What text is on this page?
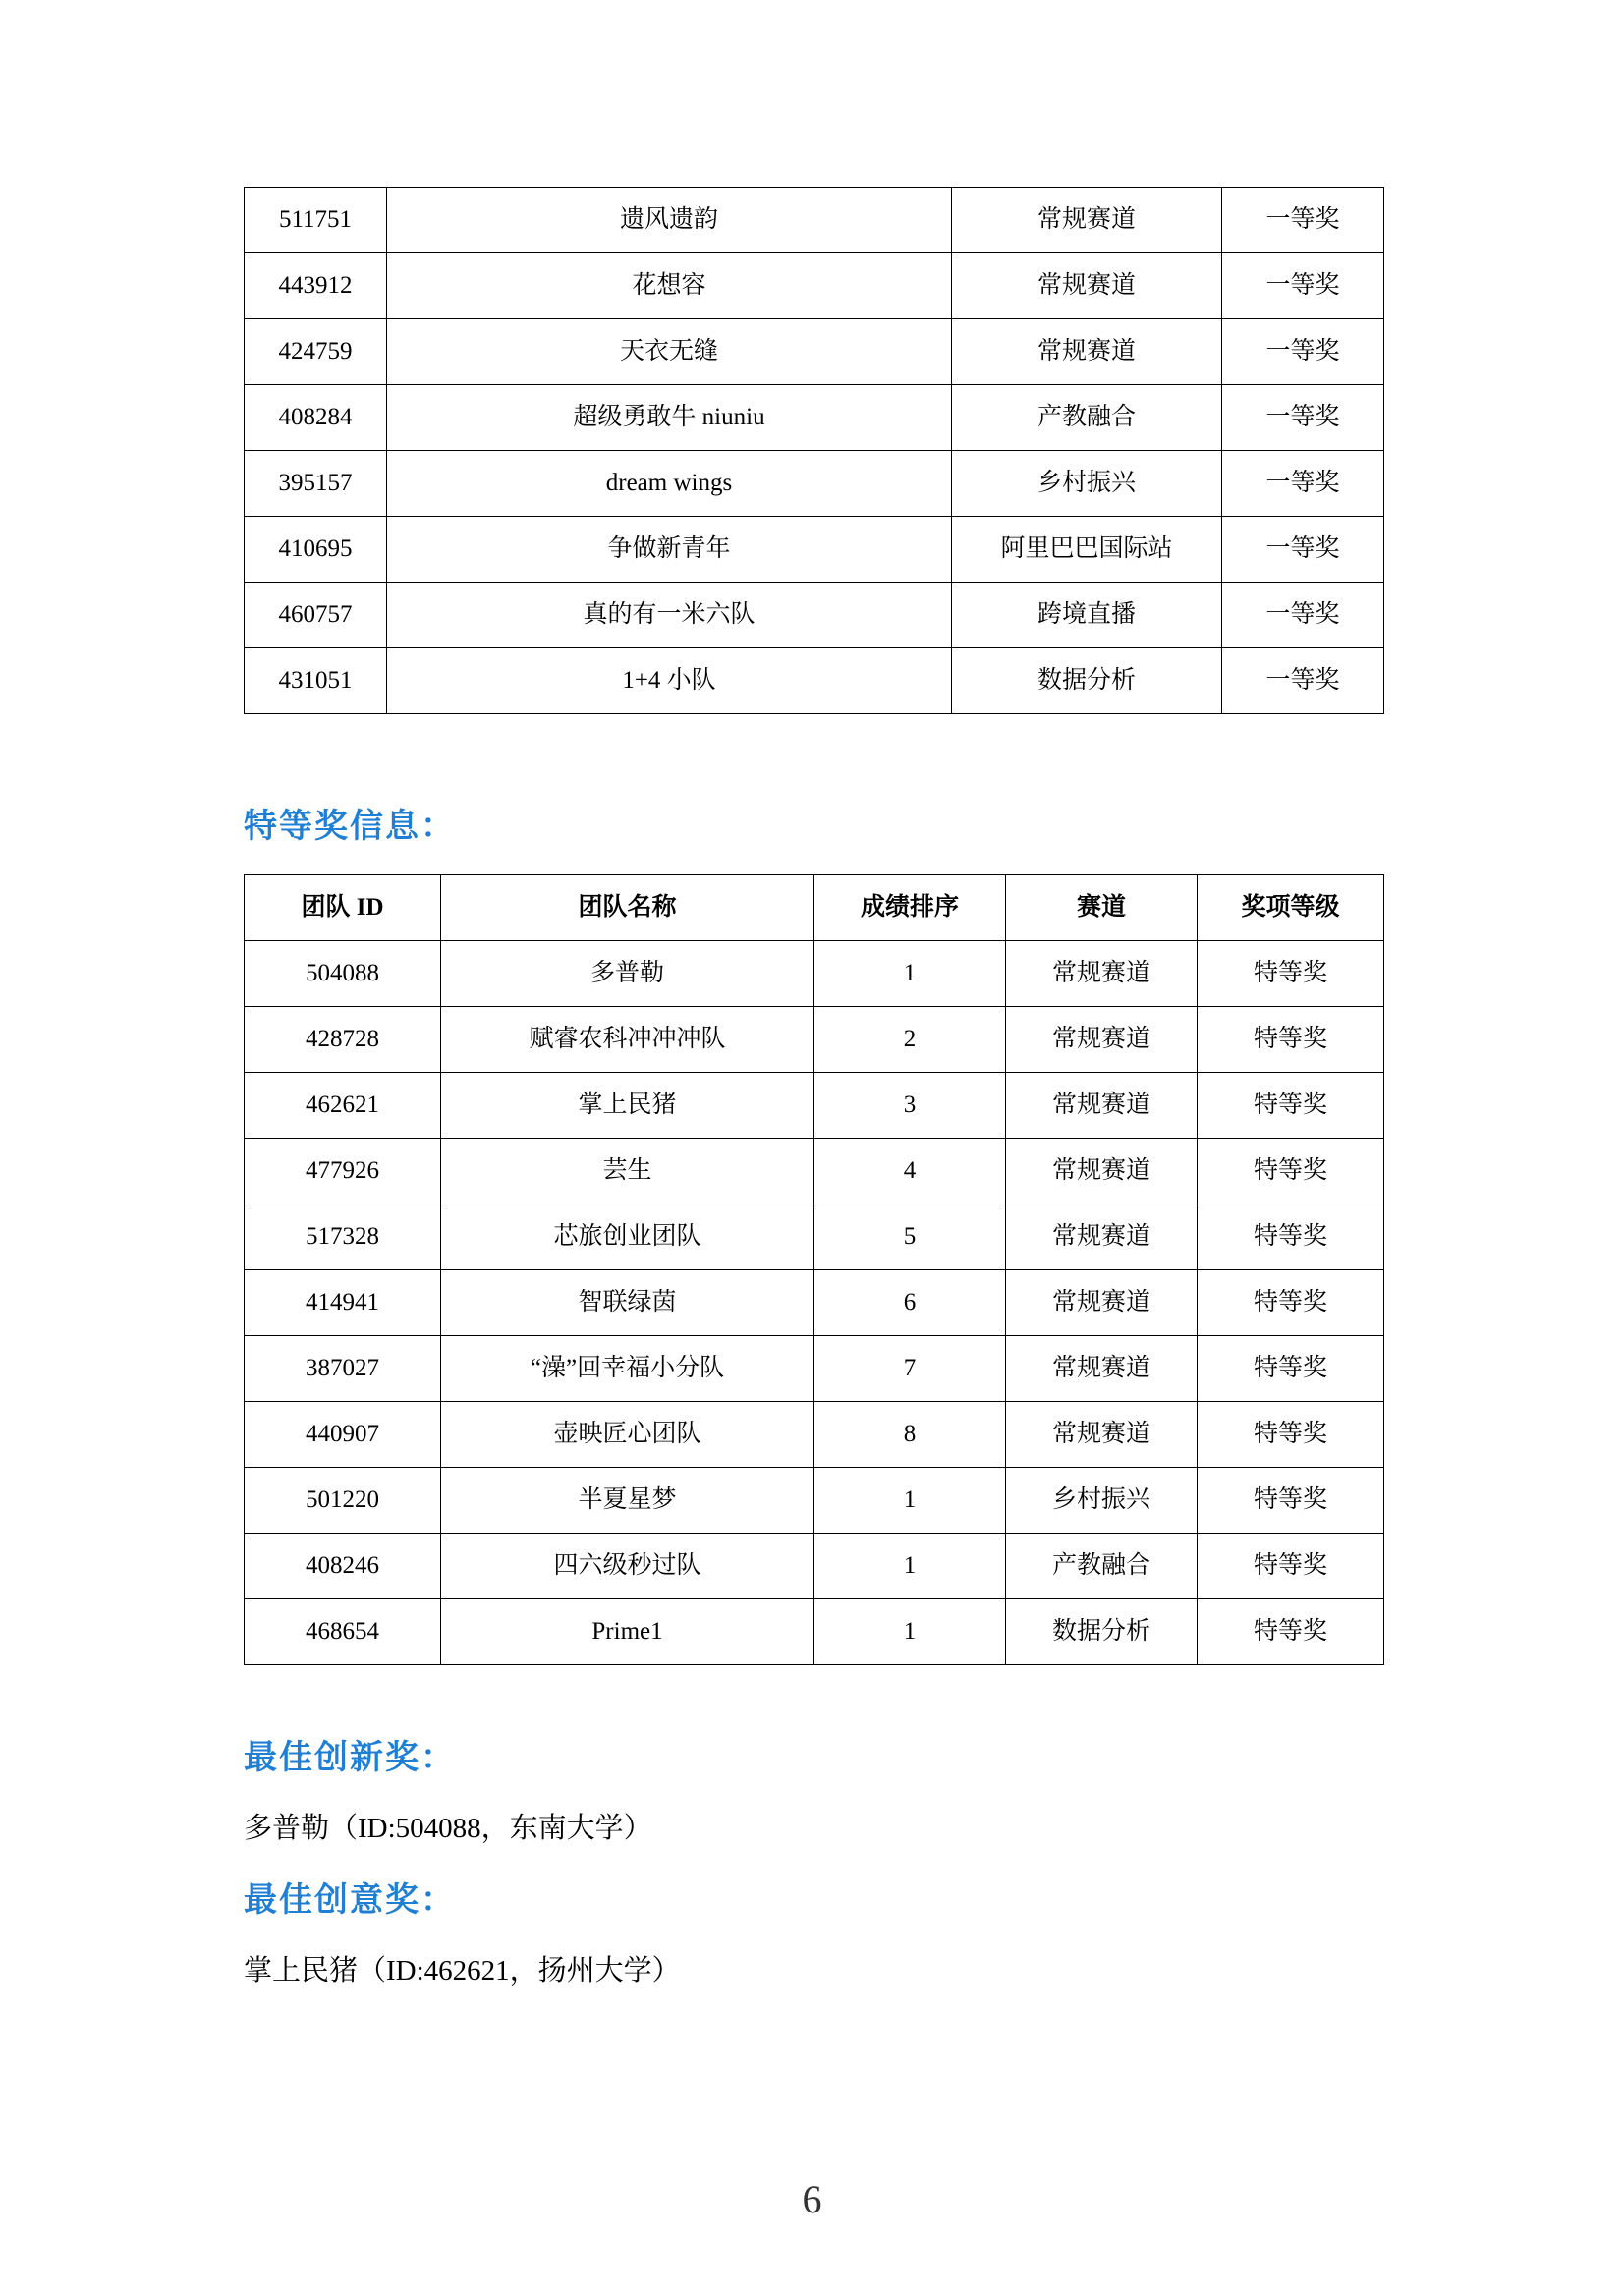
511751	遗风遗韵	常规赛道	一等奖
443912	花想容	常规赛道	一等奖
424759	天衣无缝	常规赛道	一等奖
408284	超级勇敢牛 niuniu	产教融合	一等奖
395157	dream wings	乡村振兴	一等奖
410695	争做新青年	阿里巴巴国际站	一等奖
460757	真的有一米六队	跨境直播	一等奖
431051	1+4 小队	数据分析	一等奖
特等奖信息：
团队 ID	团队名称	成绩排序	赛道	奖项等级
504088	多普勒	1	常规赛道	特等奖
428728	赋睿农科冲冲冲队	2	常规赛道	特等奖
462621	掌上民猪	3	常规赛道	特等奖
477926	芸生	4	常规赛道	特等奖
517328	芯旅创业团队	5	常规赛道	特等奖
414941	智联绿茵	6	常规赛道	特等奖
387027	“澡”回幸福小分队	7	常规赛道	特等奖
440907	壶映匠心团队	8	常规赛道	特等奖
501220	半夏星梦	1	乡村振兴	特等奖
408246	四六级秒过队	1	产教融合	特等奖
468654	Prime1	1	数据分析	特等奖
最佳创新奖：

多普勒（ID:504088，东南大学）

最佳创意奖：

掌上民猪（ID:462621，扬州大学）

6
